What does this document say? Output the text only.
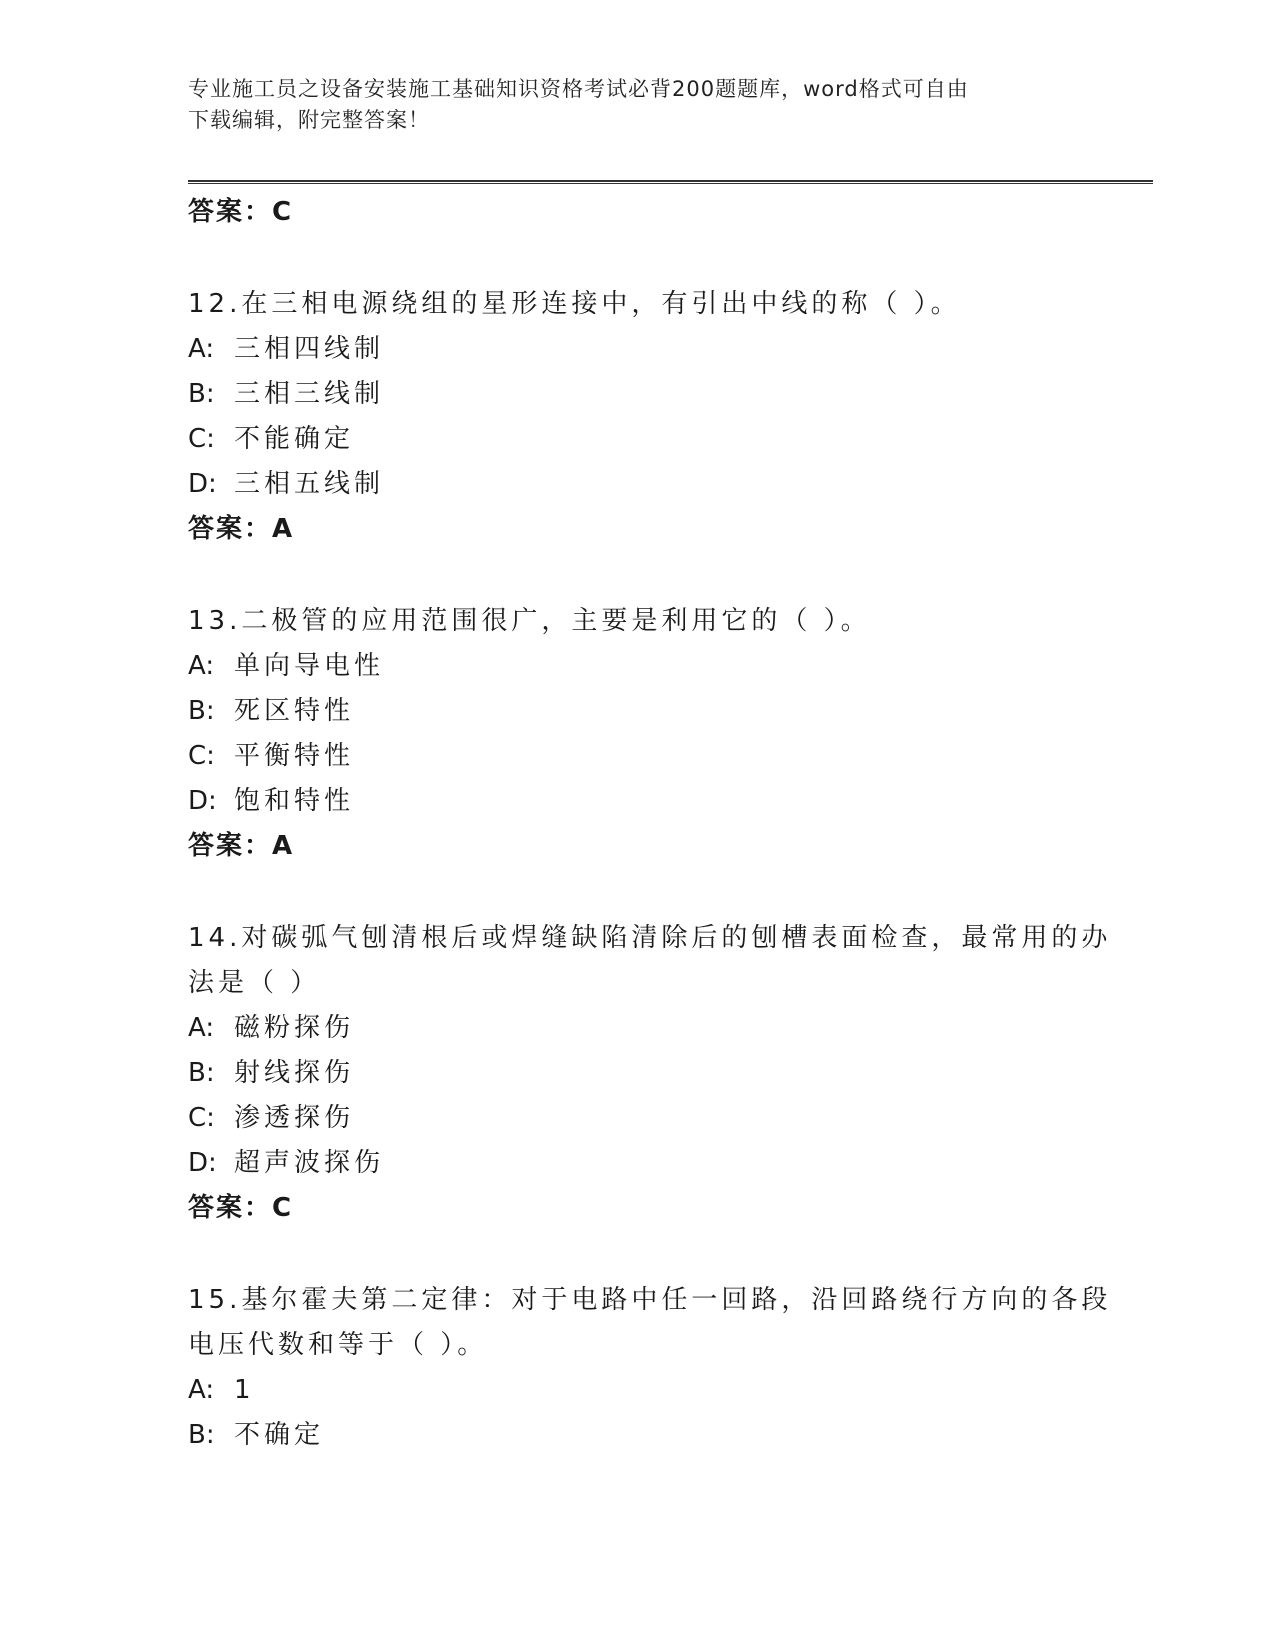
专业施工员之设备安装施工基础知识资格考试必背200题题库，word格式可自由
下载编辑，附完整答案！
答案：C
12.在三相电源绕组的星形连接中，有引出中线的称（ ）。
A: 三相四线制
B: 三相三线制
C: 不能确定
D: 三相五线制
答案：A
13.二极管的应用范围很广，主要是利用它的（ ）。
A: 单向导电性
B: 死区特性
C: 平衡特性
D: 饱和特性
答案：A
14.对碳弧气刨清根后或焊缝缺陷清除后的刨槽表面检查，最常用的办
法是（ ）
A: 磁粉探伤
B: 射线探伤
C: 渗透探伤
D: 超声波探伤
答案：C
15.基尔霍夫第二定律：对于电路中任一回路，沿回路绕行方向的各段
电压代数和等于（ ）。
A: 1
B: 不确定
